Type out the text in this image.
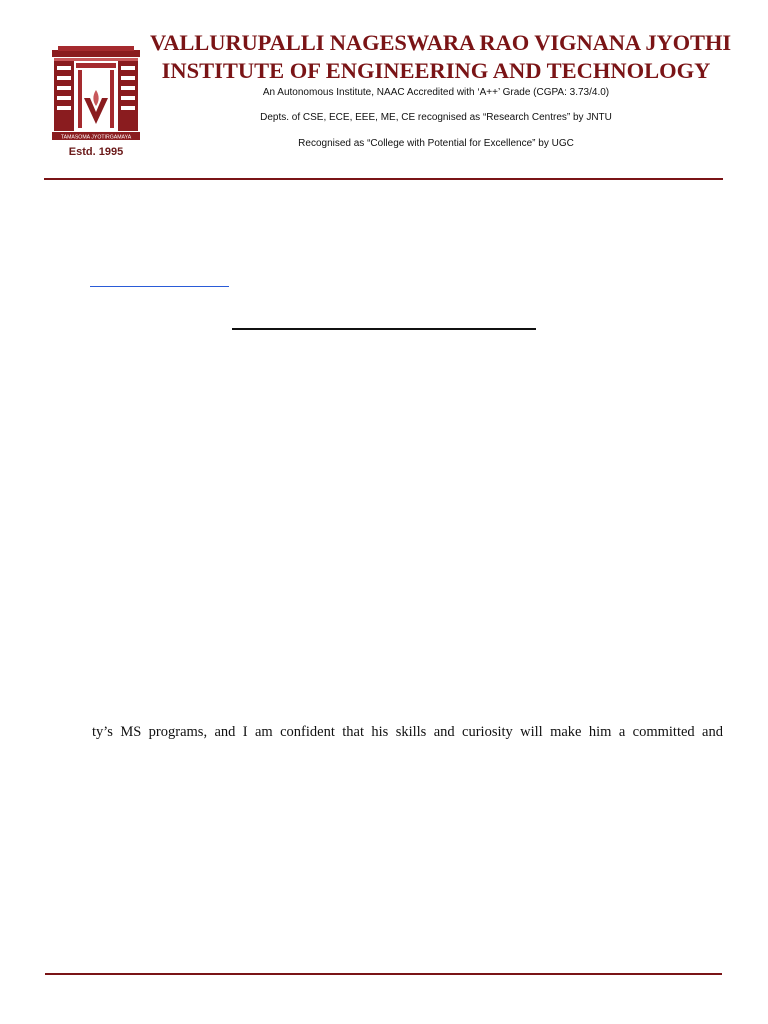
TAMASOMA JYOTIRGAMAYA
Estd. 1995
VALLURUPALLI NAGESWARA RAO VIGNANA JYOTHI
INSTITUTE OF ENGINEERING AND TECHNOLOGY
An Autonomous Institute, NAAC Accredited with ‘A++’ Grade (CGPA: 3.73/4.0)
Depts. of CSE, ECE, EEE, ME, CE recognised as “Research Centres” by JNTU
Recognised as “College with Potential for Excellence” by UGC
ty’s MS programs, and I am confident that his skills and curiosity will make him a committed and
